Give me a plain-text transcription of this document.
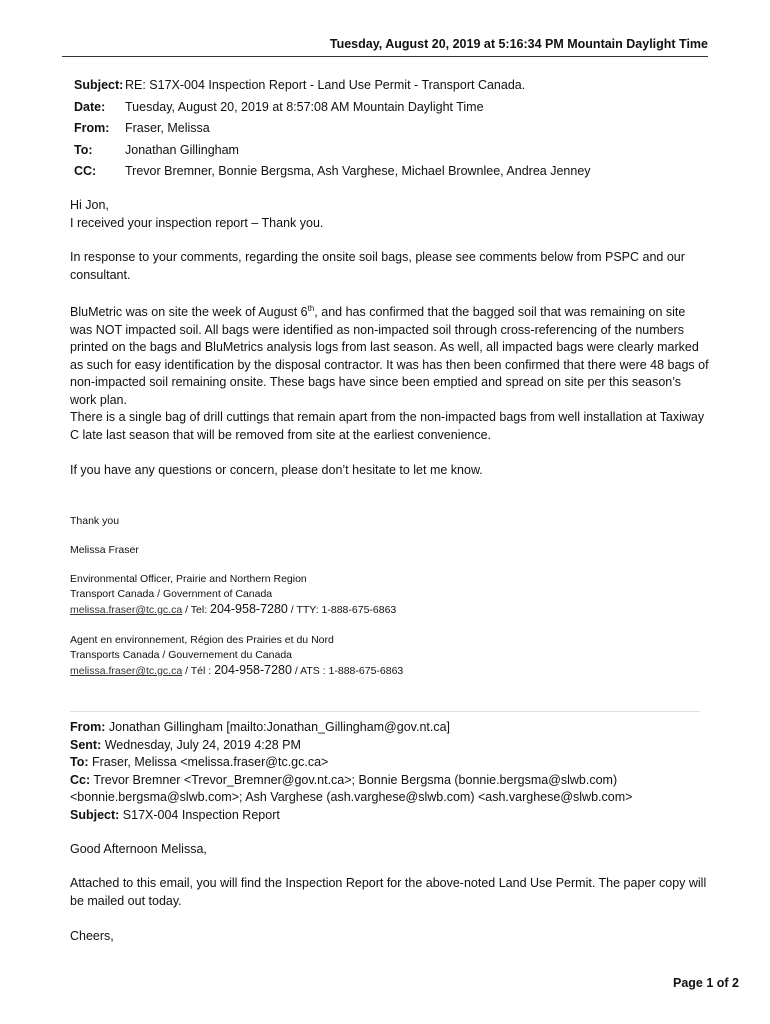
Tuesday, August 20, 2019 at 5:16:34 PM Mountain Daylight Time
Subject: RE: S17X-004 Inspection Report - Land Use Permit - Transport Canada.
Date:	Tuesday, August 20, 2019 at 8:57:08 AM Mountain Daylight Time
From:	Fraser, Melissa
To:	Jonathan Gillingham
CC:	Trevor Bremner, Bonnie Bergsma, Ash Varghese, Michael Brownlee, Andrea Jenney

Hi Jon,

I received your inspection report – Thank you.

In response to your comments, regarding the onsite soil bags, please see comments below from PSPC and our consultant.

BluMetric was on site the week of August 6th, and has confirmed that the bagged soil that was remaining on site was NOT impacted soil. All bags were identified as non-impacted soil through cross-referencing of the numbers printed on the bags and BluMetrics analysis logs from last season. As well, all impacted bags were clearly marked as such for easy identification by the disposal contractor. It was has then been confirmed that there were 48 bags of non-impacted soil remaining onsite. These bags have since been emptied and spread on site per this season’s work plan.

There is a single bag of drill cuttings that remain apart from the non-impacted bags from well installation at Taxiway C late last season that will be removed from site at the earliest convenience.

If you have any questions or concern, please don’t hesitate to let me know.

Thank you
Melissa Fraser

Environmental Officer, Prairie and Northern Region

Transport Canada / Government of Canada

melissa.fraser@tc.gc.ca / Tel: 204-958-7280 / TTY: 1-888-675-6863

Agent en environnement, Région des Prairies et du Nord

Transports Canada / Gouvernement du Canada

melissa.fraser@tc.gc.ca / Tél : 204-958-7280 / ATS : 1-888-675-6863

From: Jonathan Gillingham [mailto:Jonathan_Gillingham@gov.nt.ca]
Sent: Wednesday, July 24, 2019 4:28 PM
To: Fraser, Melissa <melissa.fraser@tc.gc.ca>
Cc: Trevor Bremner <Trevor_Bremner@gov.nt.ca>; Bonnie Bergsma (bonnie.bergsma@slwb.com) <bonnie.bergsma@slwb.com>; Ash Varghese (ash.varghese@slwb.com) <ash.varghese@slwb.com>
Subject: S17X-004 Inspection Report
Good Afternoon Melissa,
Attached to this email, you will find the Inspection Report for the above-noted Land Use Permit. The paper copy will be mailed out today.
Cheers,
Page 1 of 2
